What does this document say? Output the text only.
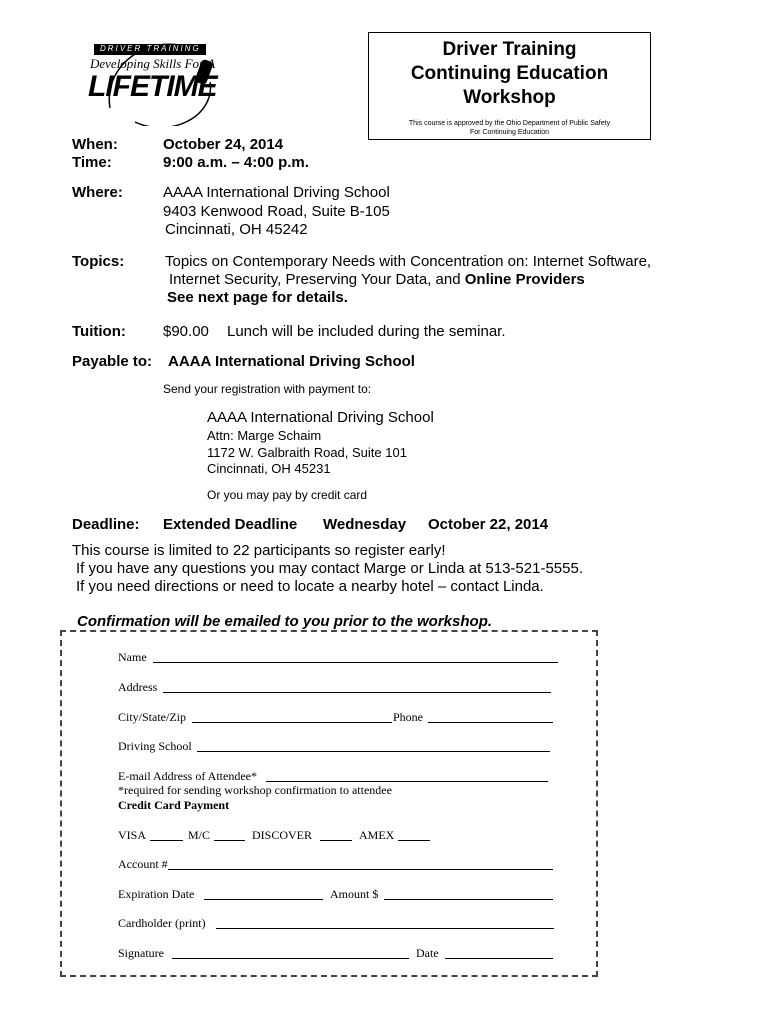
DRIVER TRAINING
Developing Skills For A
LIFETIME
Driver Training
Continuing Education
Workshop
This course is approved by the Ohio Department of Public Safety
For Continuing Education
When:	October 24, 2014
Time:	9:00 a.m. – 4:00 p.m.
Where:	AAAA International Driving School
9403 Kenwood Road, Suite B-105
Cincinnati, OH 45242
Topics:	Topics on Contemporary Needs with Concentration on: Internet Software,
Internet Security, Preserving Your Data, and Online Providers
See next page for details.
Tuition: $90.00 Lunch will be included during the seminar.
Payable to: AAAA International Driving School
Send your registration with payment to:
AAAA International Driving School
Attn: Marge Schaim
1172 W. Galbraith Road, Suite 101
Cincinnati, OH 45231
Or you may pay by credit card
Deadline: Extended Deadline Wednesday October 22, 2014
This course is limited to 22 participants so register early!
If you have any questions you may contact Marge or Linda at 513-521-5555.
If you need directions or need to locate a nearby hotel – contact Linda.
Confirmation will be emailed to you prior to the workshop.
Name
Address
City/State/Zip	Phone
Driving School
E-mail Address of Attendee*
*required for sending workshop confirmation to attendee
Credit Card Payment
VISA	M/C	DISCOVER	AMEX
Account #
Expiration Date	Amount $
Cardholder (print)
Signature	Date
